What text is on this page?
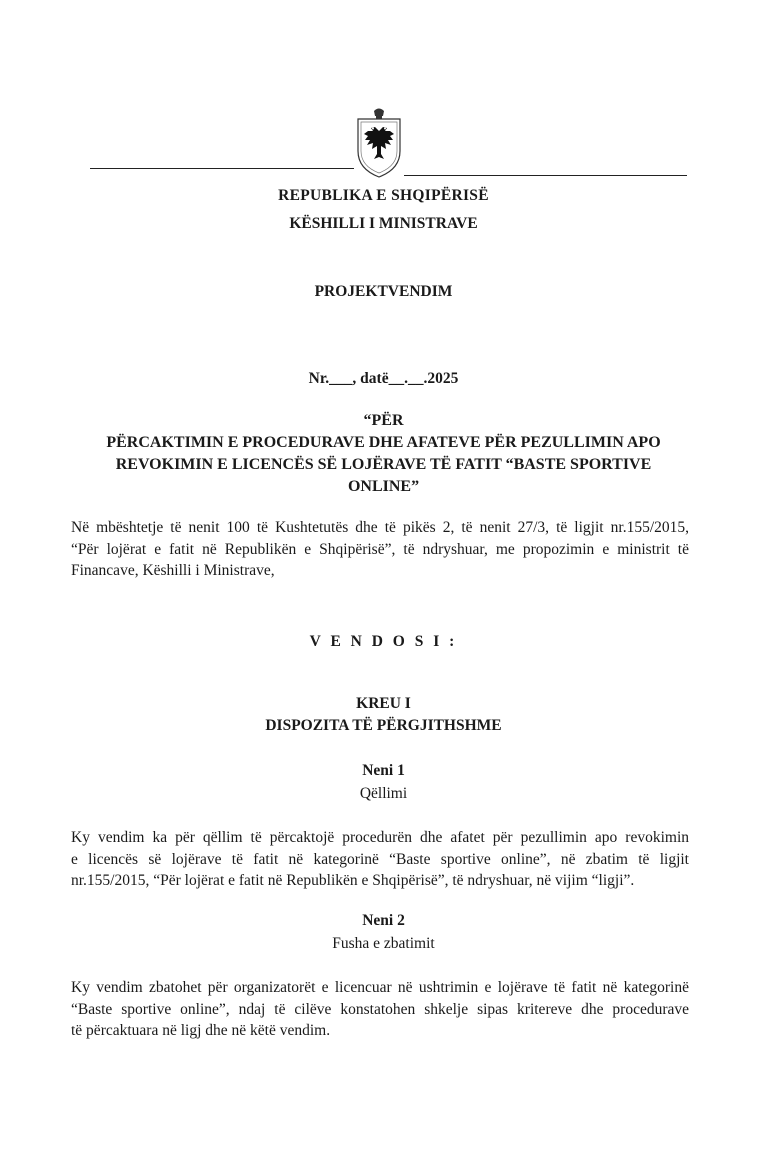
REPUBLIKA E SHQIPËRISË
KËSHILLI I MINISTRAVE
PROJEKTVENDIM
Nr.___, datë__.__.2025
“PËR
PËRCAKTIMIN E PROCEDURAVE DHE AFATEVE PËR PEZULLIMIN APO
REVOKIMIN E LICENCËS SË LOJËRAVE TË FATIT “BASTE SPORTIVE
ONLINE”
Në mbështetje të nenit 100 të Kushtetutës dhe të pikës 2, të nenit 27/3, të ligjit nr.155/2015,
“Për lojërat e fatit në Republikën e Shqipërisë”, të ndryshuar, me propozimin e ministrit të
Financave, Këshilli i Ministrave,
V E N D O S I :
KREU I
DISPOZITA TË PËRGJITHSHME
Neni 1
Qëllimi
Ky vendim ka për qëllim të përcaktojë procedurën dhe afatet për pezullimin apo revokimin
e licencës së lojërave të fatit në kategorinë “Baste sportive online”, në zbatim të ligjit
nr.155/2015, “Për lojërat e fatit në Republikën e Shqipërisë”, të ndryshuar, në vijim “ligji”.
Neni 2
Fusha e zbatimit
Ky vendim zbatohet për organizatorët e licencuar në ushtrimin e lojërave të fatit në kategorinë
“Baste sportive online”, ndaj të cilëve konstatohen shkelje sipas kritereve dhe procedurave
të përcaktuara në ligj dhe në këtë vendim.
